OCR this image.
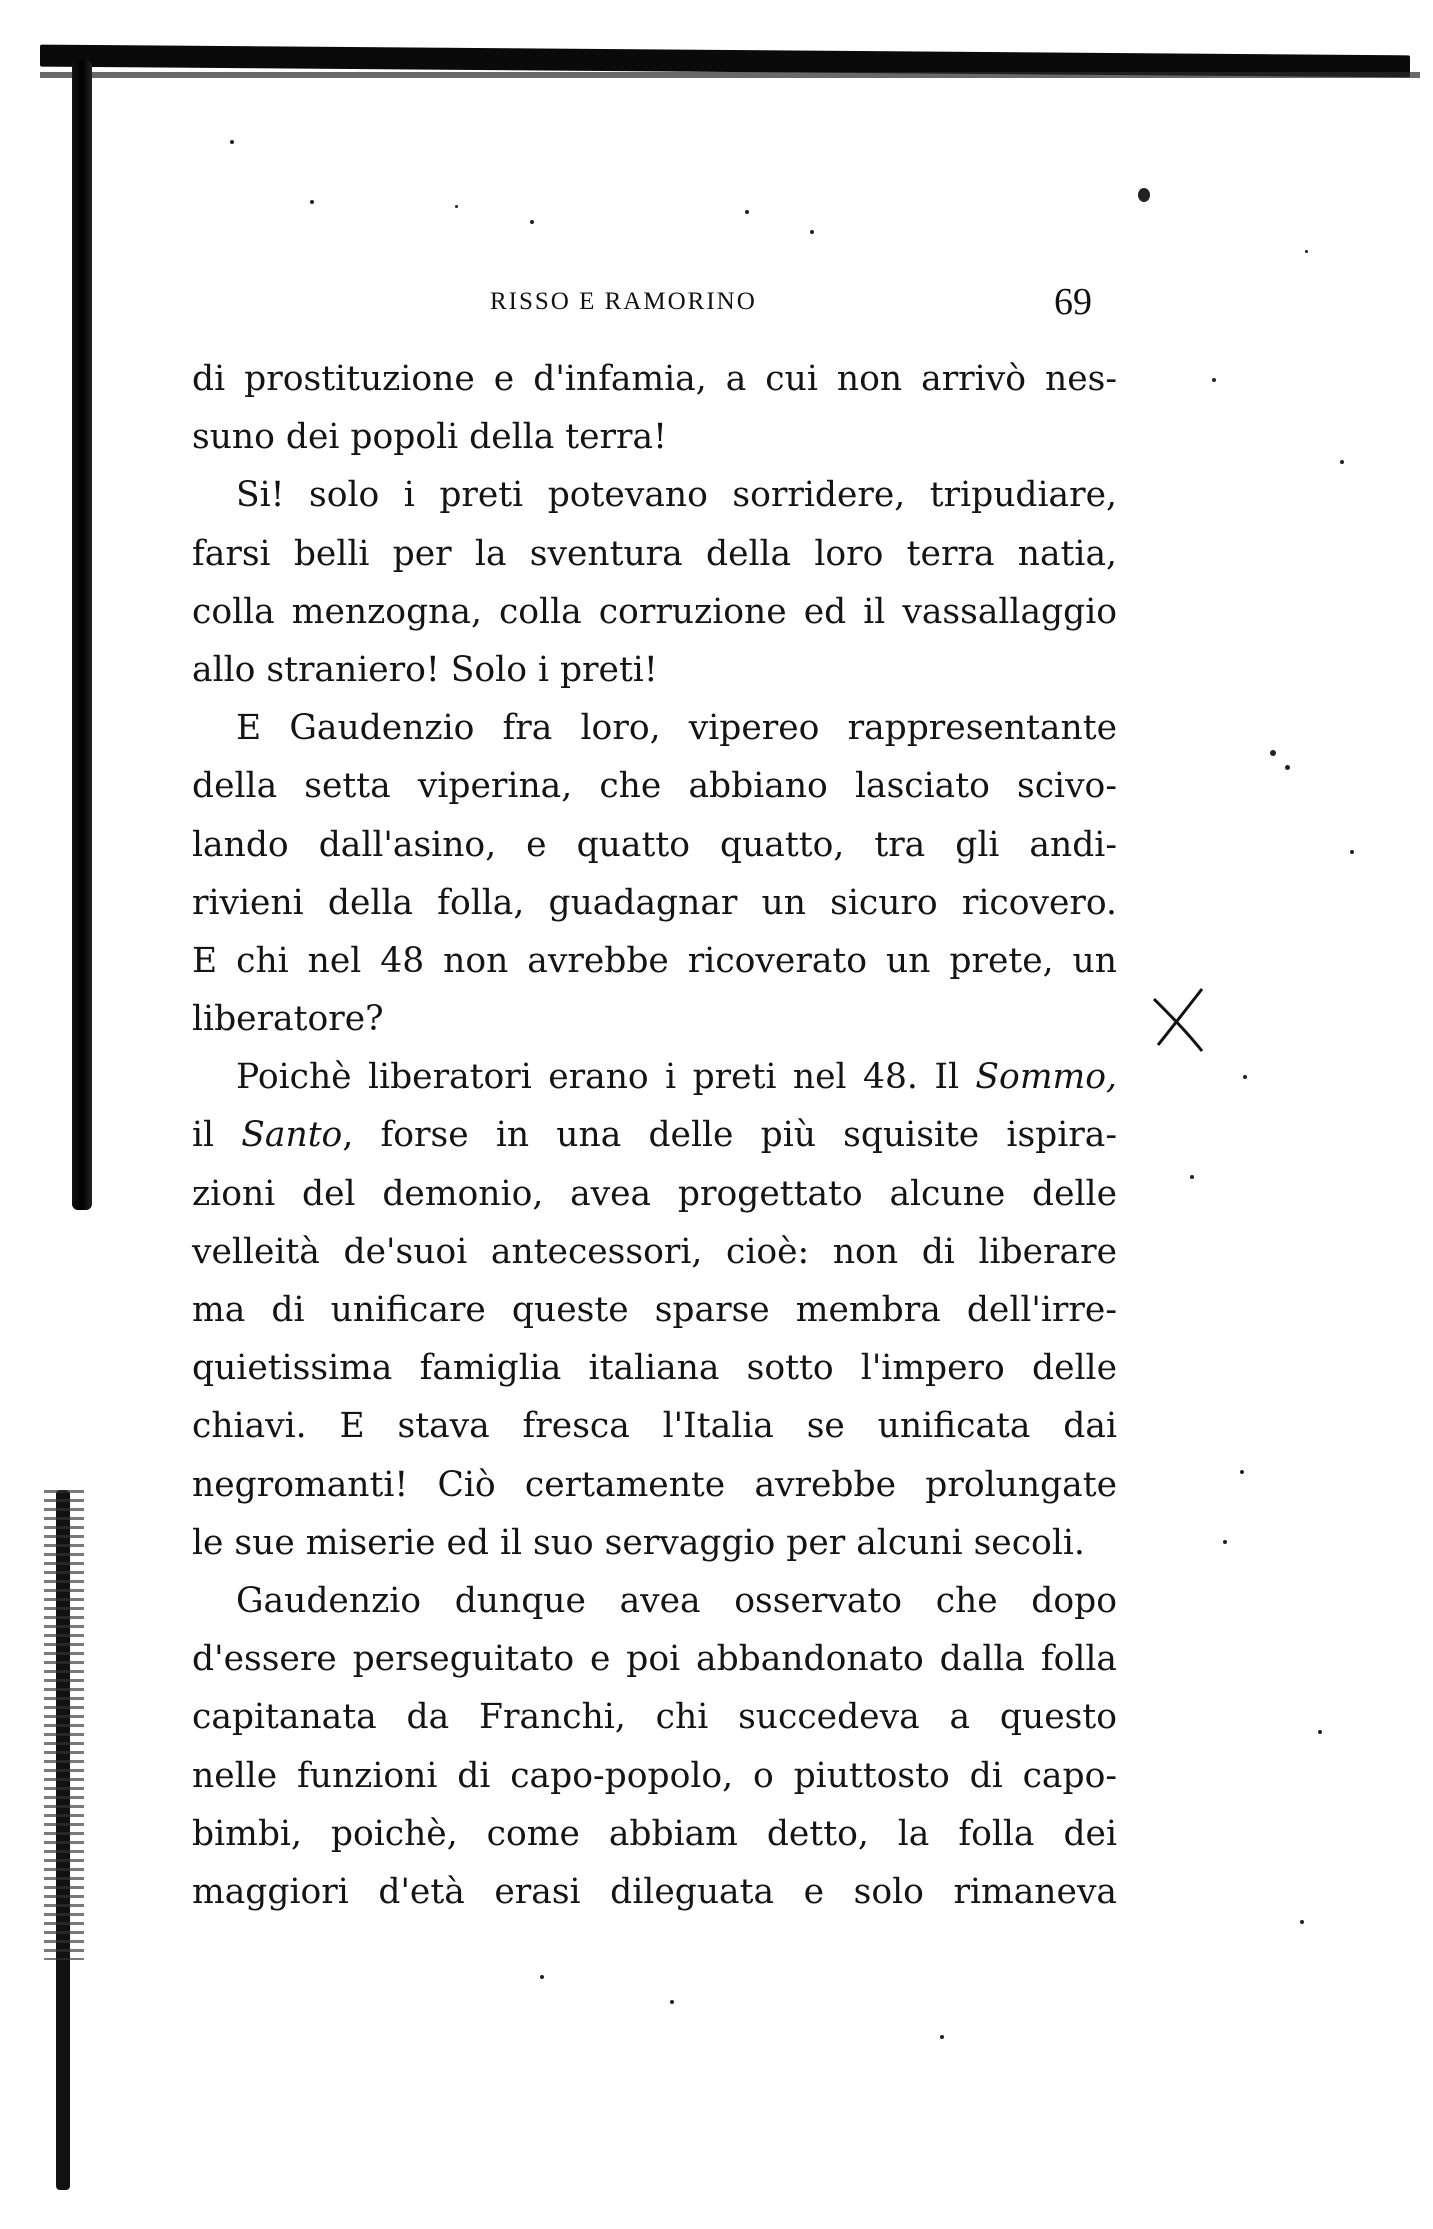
RISSO E RAMORINO	69
di prostituzione e d'infamia, a cui non arrivò nes-
suno dei popoli della terra!
Si! solo i preti potevano sorridere, tripudiare,
farsi belli per la sventura della loro terra natia,
colla menzogna, colla corruzione ed il vassallaggio
allo straniero! Solo i preti!
E Gaudenzio fra loro, vipereo rappresentante
della setta viperina, che abbiano lasciato scivo-
lando dall'asino, e quatto quatto, tra gli andi-
rivieni della folla, guadagnar un sicuro ricovero.
E chi nel 48 non avrebbe ricoverato un prete, un
liberatore?
Poichè liberatori erano i preti nel 48. Il Sommo,
il Santo, forse in una delle più squisite ispira-
zioni del demonio, avea progettato alcune delle
velleità de'suoi antecessori, cioè: non di liberare
ma di unificare queste sparse membra dell'irre-
quietissima famiglia italiana sotto l'impero delle
chiavi. E stava fresca l'Italia se unificata dai
negromanti! Ciò certamente avrebbe prolungate
le sue miserie ed il suo servaggio per alcuni secoli.
Gaudenzio dunque avea osservato che dopo
d'essere perseguitato e poi abbandonato dalla folla
capitanata da Franchi, chi succedeva a questo
nelle funzioni di capo-popolo, o piuttosto di capo-
bimbi, poichè, come abbiam detto, la folla dei
maggiori d'età erasi dileguata e solo rimaneva
